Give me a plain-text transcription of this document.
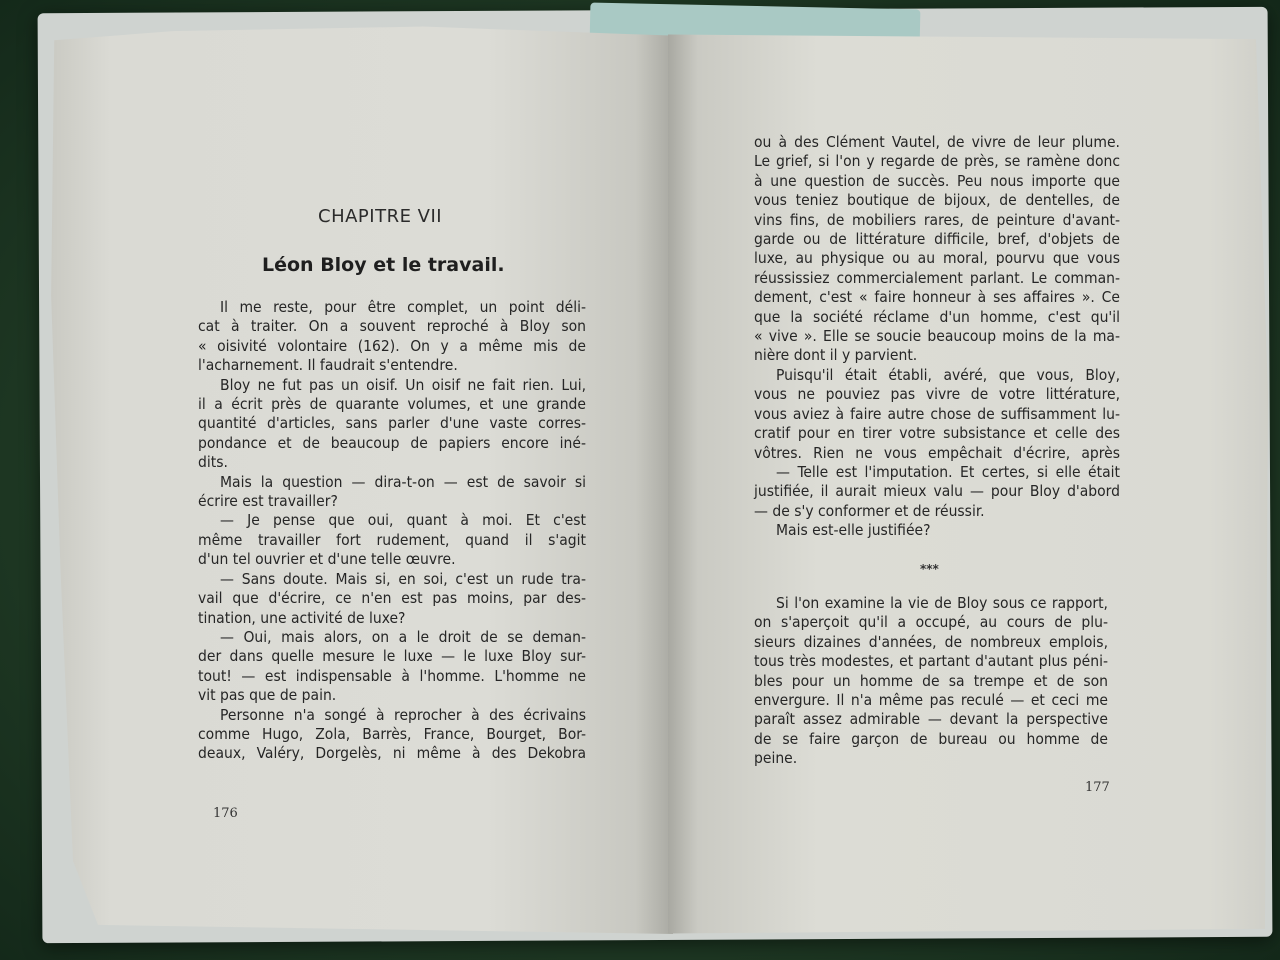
CHAPITRE VII
Léon Bloy et le travail.
Il me reste, pour être complet, un point déli-
cat à traiter. On a souvent reproché à Bloy son
« oisivité volontaire (162). On y a même mis de
l'acharnement. Il faudrait s'entendre.
Bloy ne fut pas un oisif. Un oisif ne fait rien. Lui,
il a écrit près de quarante volumes, et une grande
quantité d'articles, sans parler d'une vaste corres-
pondance et de beaucoup de papiers encore iné-
dits.
Mais la question — dira-t-on — est de savoir si
écrire est travailler?
— Je pense que oui, quant à moi. Et c'est
même travailler fort rudement, quand il s'agit
d'un tel ouvrier et d'une telle œuvre.
— Sans doute. Mais si, en soi, c'est un rude tra-
vail que d'écrire, ce n'en est pas moins, par des-
tination, une activité de luxe?
— Oui, mais alors, on a le droit de se deman-
der dans quelle mesure le luxe — le luxe Bloy sur-
tout! — est indispensable à l'homme. L'homme ne
vit pas que de pain.
Personne n'a songé à reprocher à des écrivains
comme Hugo, Zola, Barrès, France, Bourget, Bor-
deaux, Valéry, Dorgelès, ni même à des Dekobra
ou à des Clément Vautel, de vivre de leur plume.
Le grief, si l'on y regarde de près, se ramène donc
à une question de succès. Peu nous importe que
vous teniez boutique de bijoux, de dentelles, de
vins fins, de mobiliers rares, de peinture d'avant-
garde ou de littérature difficile, bref, d'objets de
luxe, au physique ou au moral, pourvu que vous
réussissiez commercialement parlant. Le comman-
dement, c'est « faire honneur à ses affaires ». Ce
que la société réclame d'un homme, c'est qu'il
« vive ». Elle se soucie beaucoup moins de la ma-
nière dont il y parvient.
Puisqu'il était établi, avéré, que vous, Bloy,
vous ne pouviez pas vivre de votre littérature,
vous aviez à faire autre chose de suffisamment lu-
cratif pour en tirer votre subsistance et celle des
vôtres. Rien ne vous empêchait d'écrire, après
— Telle est l'imputation. Et certes, si elle était
justifiée, il aurait mieux valu — pour Bloy d'abord
— de s'y conformer et de réussir.
Mais est-elle justifiée?
***
Si l'on examine la vie de Bloy sous ce rapport,
on s'aperçoit qu'il a occupé, au cours de plu-
sieurs dizaines d'années, de nombreux emplois,
tous très modestes, et partant d'autant plus péni-
bles pour un homme de sa trempe et de son
envergure. Il n'a même pas reculé — et ceci me
paraît assez admirable — devant la perspective
de se faire garçon de bureau ou homme de
peine.
176
177
